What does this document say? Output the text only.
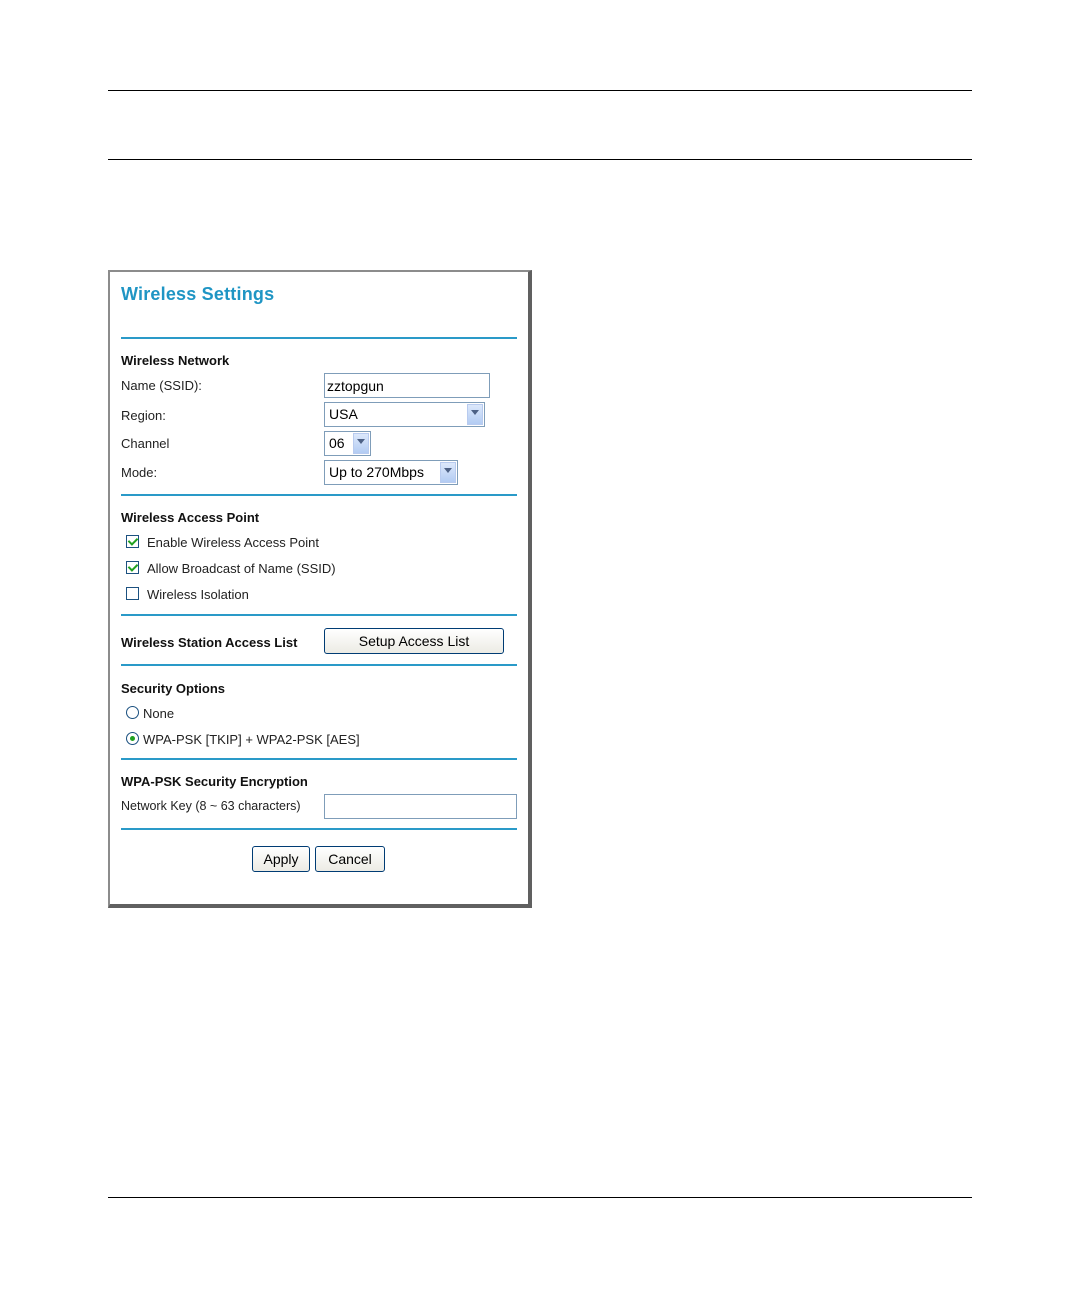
Wireless Settings
Wireless Network
Name (SSID):
zztopgun
Region:	USA
Channel	06
Mode:	Up to 270Mbps
Wireless Access Point
Enable Wireless Access Point
Allow Broadcast of Name (SSID)
Wireless Isolation
Wireless Station Access List	Setup Access List
Security Options
None
WPA-PSK [TKIP] + WPA2-PSK [AES]
WPA-PSK Security Encryption
Network Key (8 ~ 63 characters)
Apply	Cancel
